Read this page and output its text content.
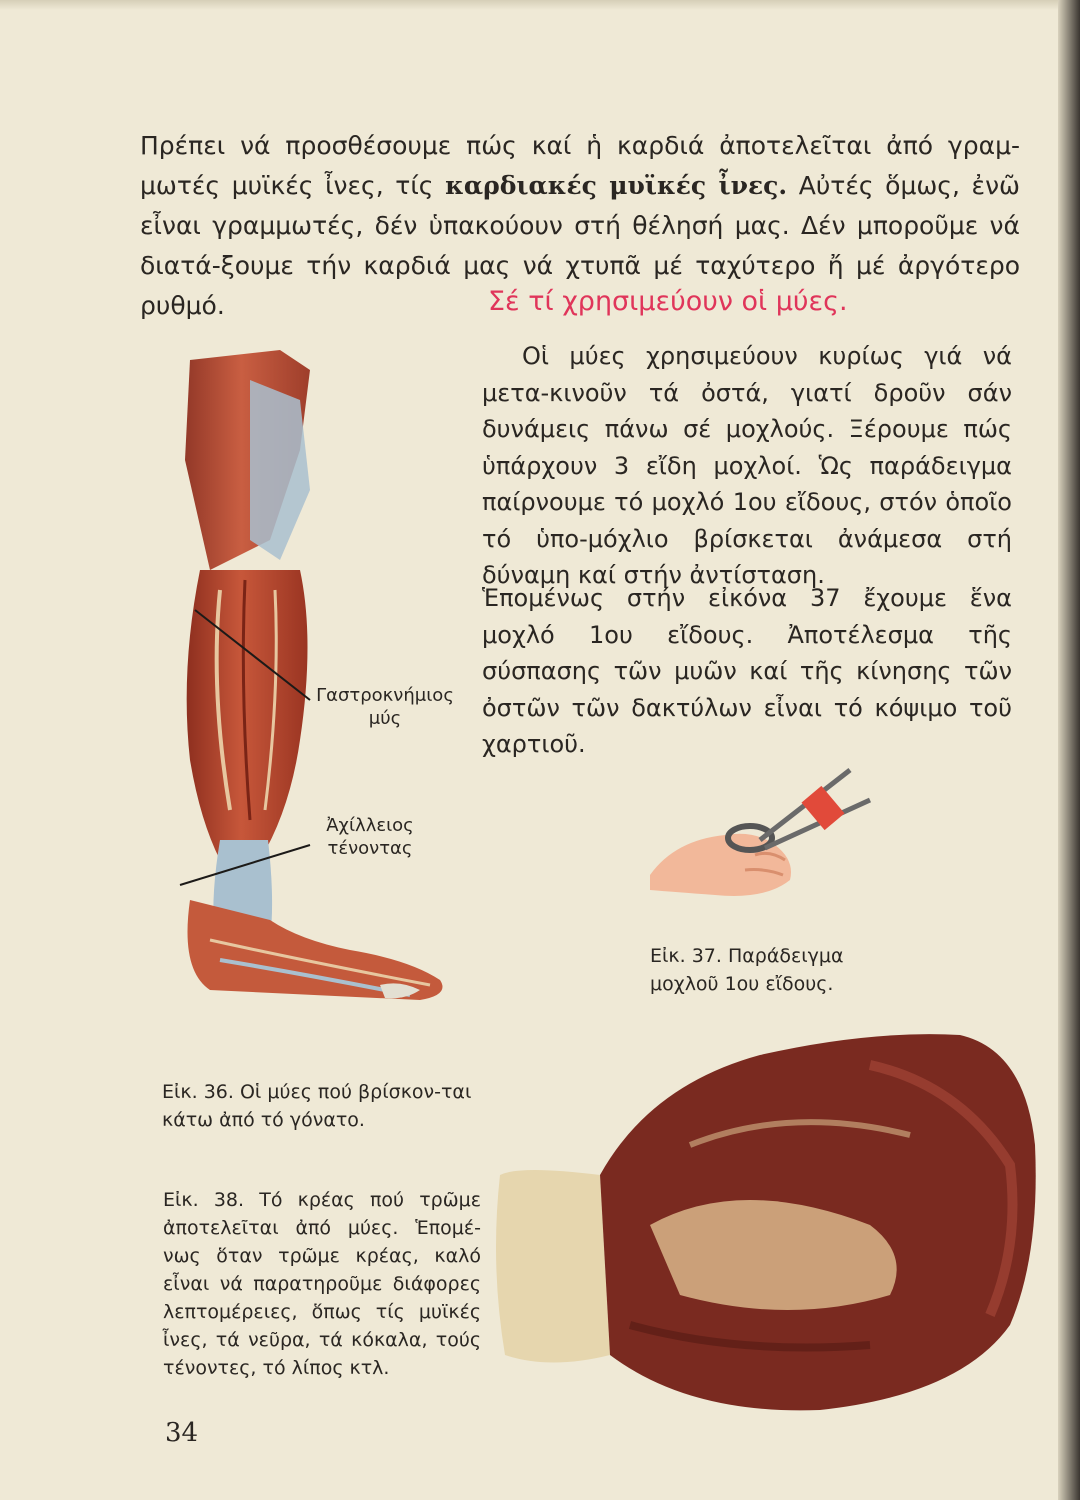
Πρέπει νά προσθέσουμε πώς καί ἡ καρδιά ἀποτελεῖται ἀπό γραμ-μωτές μυϊκές ἶνες, τίς καρδιακές μυϊκές ἶνες. Αὐτές ὅμως, ἐνῶ εἶναι γραμμωτές, δέν ὑπακούουν στή θέλησή μας. Δέν μποροῦμε νά διατά-ξουμε τήν καρδιά μας νά χτυπᾶ μέ ταχύτερο ἤ μέ ἀργότερο ρυθμό.	Σέ τί χρησιμεύουν οἱ μύες.

Οἱ μύες χρησιμεύουν κυρίως γιά νά μετα-κινοῦν τά ὀστά, γιατί δροῦν σάν δυνάμεις πάνω σέ μοχλούς. Ξέρουμε πώς ὑπάρχουν 3 εἴδη μοχλοί. Ὡς παράδειγμα παίρνουμε τό μοχλό 1ου εἴδους, στόν ὁποῖο τό ὑπο-μόχλιο βρίσκεται ἀνάμεσα στή δύναμη καί στήν ἀντίσταση.

Ἑπομένως στήν εἰκόνα 37 ἔχουμε ἕνα μοχλό 1ου εἴδους. Ἀποτέλεσμα τῆς σύσπασης τῶν μυῶν καί τῆς κίνησης τῶν ὀστῶν τῶν δακτύλων εἶναι τό κόψιμο τοῦ χαρτιοῦ.

Γαστροκνήμιος
μύς
Ἀχίλλειος
τένοντας

Εἰκ. 36. Οἱ μύες πού βρίσκον-ται κάτω ἀπό τό γόνατο.

Εἰκ. 37. Παράδειγμα μοχλοῦ 1ου εἴδους.

Εἰκ. 38. Τό κρέας πού τρῶμε ἀποτελεῖται ἀπό μύες. Ἑπομέ-νως ὅταν τρῶμε κρέας, καλό εἶναι νά παρατηροῦμε διάφορες λεπτομέρειες, ὅπως τίς μυϊκές ἶνες, τά νεῦρα, τά κόκαλα, τούς τένοντες, τό λίπος κτλ.

34
